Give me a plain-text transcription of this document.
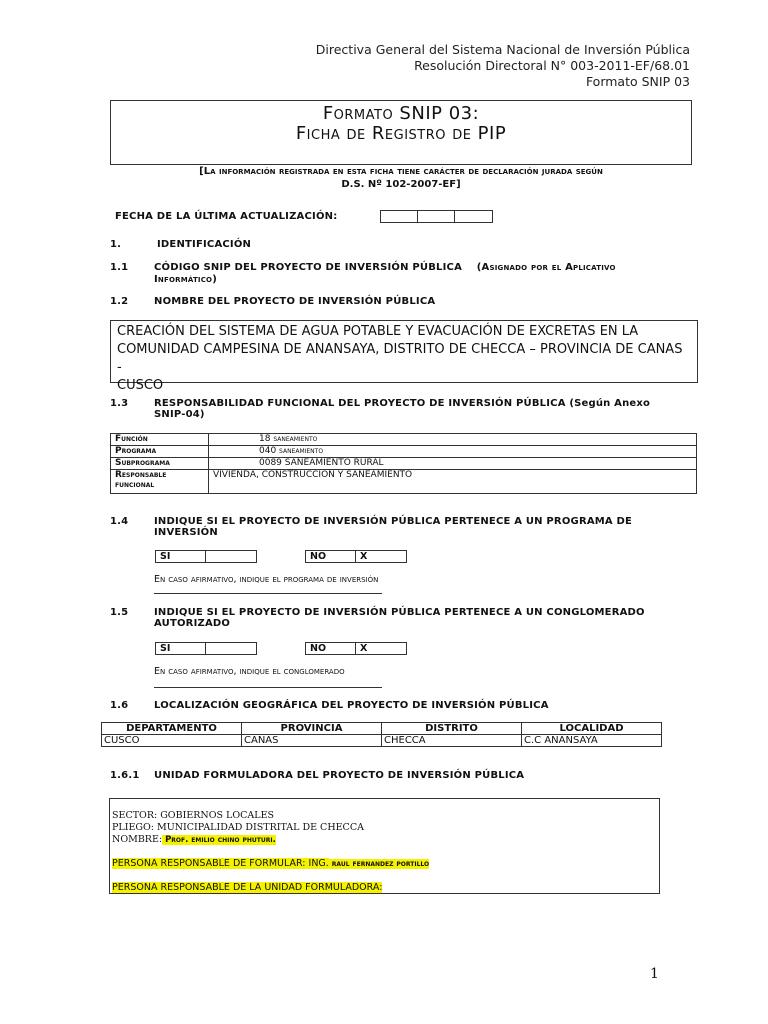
Directiva General del Sistema Nacional de Inversión Pública
Resolución Directoral N° 003-2011-EF/68.01
Formato SNIP 03
Formato SNIP 03:
Ficha de Registro de PIP
[La información registrada en esta ficha tiene carácter de declaración jurada según
D.S. Nº 102-2007-EF]
FECHA DE LA ÚLTIMA ACTUALIZACIÓN:
1.	IDENTIFICACIÓN
1.1	CÓDIGO SNIP DEL PROYECTO DE INVERSIÓN PÚBLICA (Asignado por el Aplicativo
Informático)
1.2	NOMBRE DEL PROYECTO DE INVERSIÓN PÚBLICA
CREACIÓN DEL SISTEMA DE AGUA POTABLE Y EVACUACIÓN DE EXCRETAS EN LA
COMUNIDAD CAMPESINA DE ANANSAYA, DISTRITO DE CHECCA – PROVINCIA DE CANAS -
CUSCO
1.3	RESPONSABILIDAD FUNCIONAL DEL PROYECTO DE INVERSIÓN PÚBLICA (Según Anexo
SNIP-04)
Función	18 saneamiento
Programa	040 saneamiento
Subprograma	0089 SANEAMIENTO RURAL

Responsable
funcional	VIVIENDA, CONSTRUCCION Y SANEAMIENTO
1.4	INDIQUE SI EL PROYECTO DE INVERSIÓN PÚBLICA PERTENECE A UN PROGRAMA DE
INVERSIÓN
SI	NO	X
En caso afirmativo, indique el programa de inversión
1.5	INDIQUE SI EL PROYECTO DE INVERSIÓN PÚBLICA PERTENECE A UN CONGLOMERADO
AUTORIZADO
SI	NO	X
En caso afirmativo, indique el conglomerado
1.6	LOCALIZACIÓN GEOGRÁFICA DEL PROYECTO DE INVERSIÓN PÚBLICA
DEPARTAMENTO	PROVINCIA	DISTRITO	LOCALIDAD
CUSCO	CANAS	CHECCA	C.C ANANSAYA
1.6.1 UNIDAD FORMULADORA DEL PROYECTO DE INVERSIÓN PÚBLICA
SECTOR: GOBIERNOS LOCALES
PLIEGO: MUNICIPALIDAD DISTRITAL DE CHECCA
NOMBRE: Prof. emilio chino phuturi.
PERSONA RESPONSABLE DE FORMULAR: ING. raul fernandez portillo
PERSONA RESPONSABLE DE LA UNIDAD FORMULADORA:
1
